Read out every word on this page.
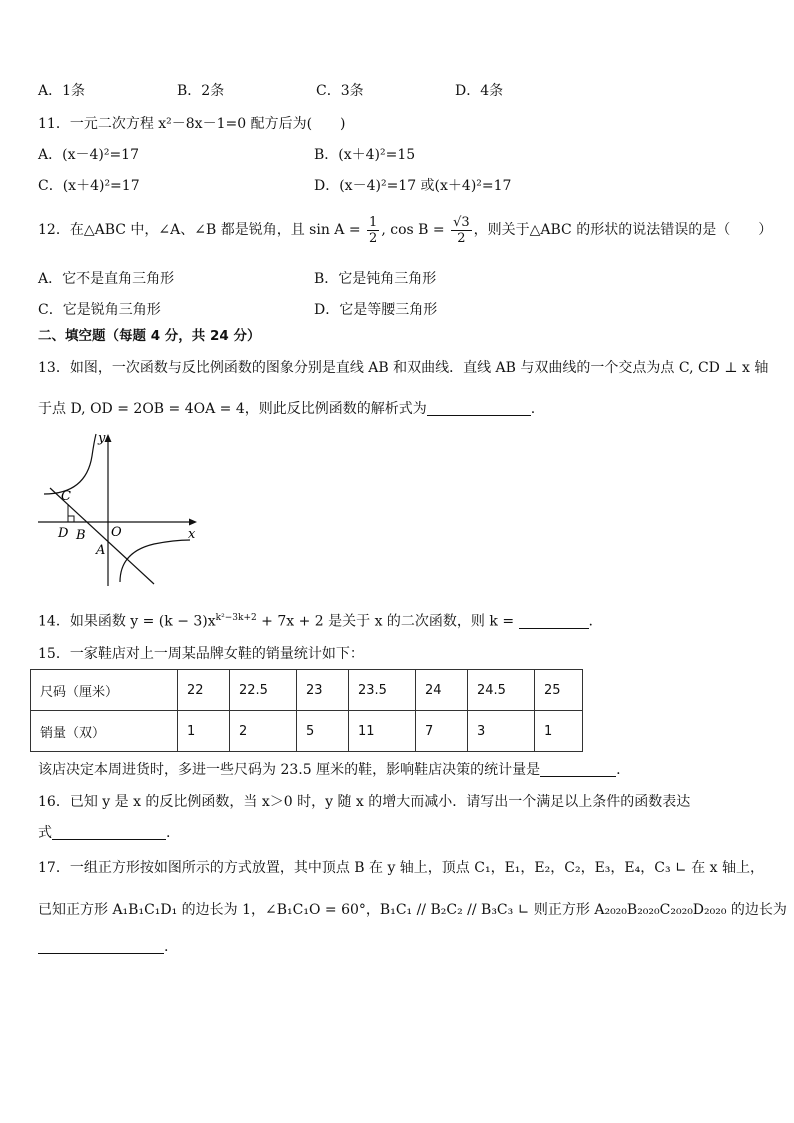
A．1条	B．2条	C．3条	D．4条
11．一元二次方程 x²－8x－1=0 配方后为(　　)
A．(x－4)²=17	B．(x＋4)²=15
C．(x＋4)²=17	D．(x－4)²=17 或(x＋4)²=17
12．在△ABC 中，∠A、∠B 都是锐角，且 $\sin A = \frac{1}{2}$ , $\cos B = \frac{√3}{2}$ ，则关于△ABC 的形状的说法错误的是（　　）
A．它不是直角三角形	B．它是钝角三角形
C．它是锐角三角形	D．它是等腰三角形
二、填空题（每题 4 分，共 24 分）
13．如图，一次函数与反比例函数的图象分别是直线 AB 和双曲线．直线 AB 与双曲线的一个交点为点 C, CD ⊥ x 轴
于点 D, OD = 2OB = 4OA = 4，则此反比例函数的解析式为	.
y
x
C
D B O
A
14．如果函数 $y = (k - 3)x^{k^2-3k+2} + 7x + 2$ 是关于 x 的二次函数，则 k =	.
15．一家鞋店对上一周某品牌女鞋的销量统计如下：
尺码（厘米）	22	22.5	23	23.5	24	24.5	25
销量（双）	1	2	5	11	7	3	1
该店决定本周进货时，多进一些尺码为 23.5 厘米的鞋，影响鞋店决策的统计量是	.
16．已知 y 是 x 的反比例函数，当 x＞0 时，y 随 x 的增大而减小．请写出一个满足以上条件的函数表达
式	.
17．一组正方形按如图所示的方式放置，其中顶点 B 在 y 轴上，顶点 C₁，E₁，E₂，C₂，E₃，E₄，C₃ ∟ 在 x 轴上，
已知正方形 A₁B₁C₁D₁ 的边长为 1，∠B₁C₁O = 60°，B₁C₁ // B₂C₂ // B₃C₃ ∟ 则正方形 A₂₀₂₀B₂₀₂₀C₂₀₂₀D₂₀₂₀ 的边长为
.
